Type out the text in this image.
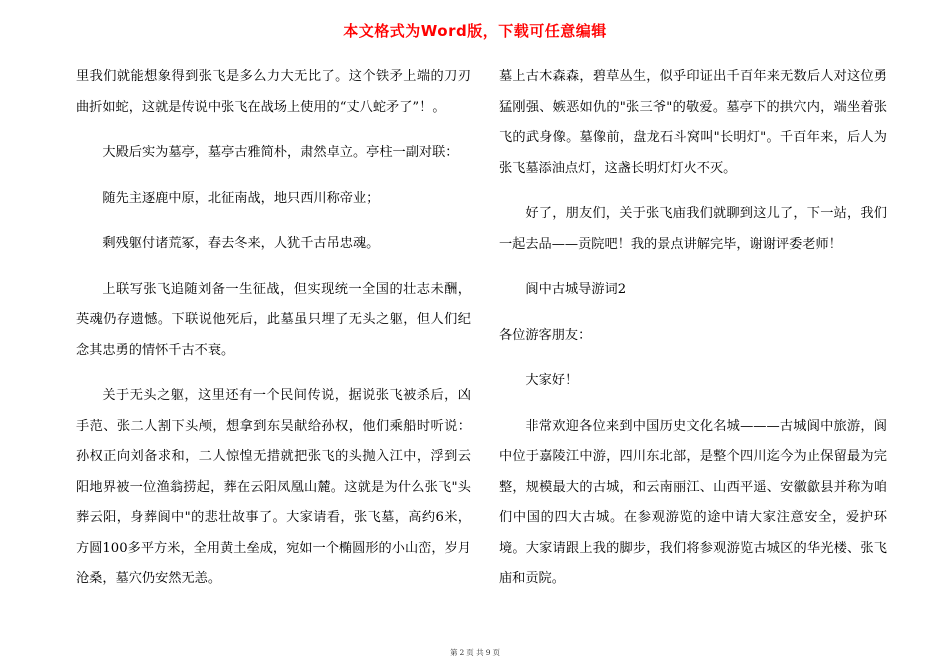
本文格式为Word版，下载可任意编辑

里我们就能想象得到张飞是多么力大无比了。这个铁矛上端的刀刃曲折如蛇，这就是传说中张飞在战场上使用的“丈八蛇矛了”！。

大殿后实为墓亭，墓亭古雅简朴，肃然卓立。亭柱一副对联：

随先主逐鹿中原，北征南战，地只西川称帝业；

剩残躯付诸荒冢，春去冬来，人犹千古吊忠魂。

上联写张飞追随刘备一生征战，但实现统一全国的壮志未酬，英魂仍存遗憾。下联说他死后，此墓虽只埋了无头之躯，但人们纪念其忠勇的情怀千古不衰。

关于无头之躯，这里还有一个民间传说，据说张飞被杀后，凶手范、张二人割下头颅，想拿到东吴献给孙权，他们乘船时听说：孙权正向刘备求和，二人惊惶无措就把张飞的头抛入江中，浮到云阳地界被一位渔翁捞起，葬在云阳凤凰山麓。这就是为什么张飞"头葬云阳，身葬阆中"的悲壮故事了。大家请看，张飞墓，高约6米，方圆100多平方米，全用黄土垒成，宛如一个椭圆形的小山峦，岁月沧桑，墓穴仍安然无恙。

墓上古木森森，碧草丛生，似乎印证出千百年来无数后人对这位勇猛刚强、嫉恶如仇的"张三爷"的敬爱。墓亭下的拱穴内，端坐着张飞的武身像。墓像前，盘龙石斗窝叫"长明灯"。千百年来，后人为张飞墓添油点灯，这盏长明灯灯火不灭。

好了，朋友们，关于张飞庙我们就聊到这儿了，下一站，我们一起去品——贡院吧！我的景点讲解完毕，谢谢评委老师！

阆中古城导游词2

各位游客朋友：

大家好！

非常欢迎各位来到中国历史文化名城———古城阆中旅游，阆中位于嘉陵江中游，四川东北部，是整个四川迄今为止保留最为完整，规模最大的古城，和云南丽江、山西平遥、安徽歙县并称为咱们中国的四大古城。在参观游览的途中请大家注意安全，爱护环境。大家请跟上我的脚步，我们将参观游览古城区的华光楼、张飞庙和贡院。

第 2 页 共 9 页
